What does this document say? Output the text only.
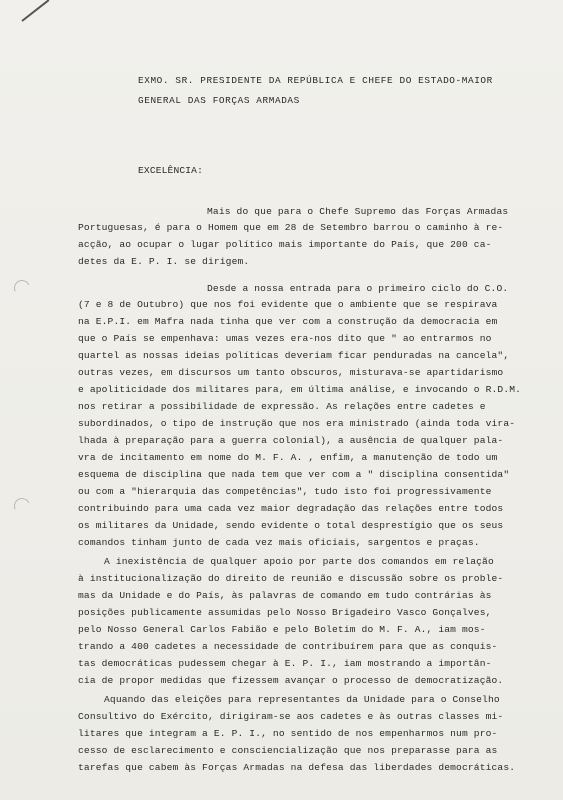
EXMO. SR. PRESIDENTE DA REPÚBLICA E CHEFE DO ESTADO-MAIOR
GENERAL DAS FORÇAS ARMADAS
EXCELÊNCIA:
Mais do que para o Chefe Supremo das Forças Armadas
Portuguesas, é para o Homem que em 28 de Setembro barrou o caminho à re-
acção, ao ocupar o lugar político mais importante do País, que 200 ca-
detes da E. P. I. se dirigem.
Desde a nossa entrada para o primeiro ciclo do C.O.
(7 e 8 de Outubro) que nos foi evidente que o ambiente que se respirava
na E.P.I. em Mafra nada tinha que ver com a construção da democracia em
que o País se empenhava: umas vezes era-nos dito que " ao entrarmos no
quartel as nossas ideias políticas deveriam ficar penduradas na cancela",
outras vezes, em discursos um tanto obscuros, misturava-se apartidarismo
e apoliticidade dos militares para, em última análise, e invocando o R.D.M.
nos retirar a possibilidade de expressão. As relações entre cadetes e
subordinados, o tipo de instrução que nos era ministrado (ainda toda vira-
lhada à preparação para a guerra colonial), a ausência de qualquer pala-
vra de incitamento em nome do M. F. A. , enfim, a manutenção de todo um
esquema de disciplina que nada tem que ver com a " disciplina consentida"
ou com a "hierarquia das competências", tudo isto foi progressivamente
contribuindo para uma cada vez maior degradação das relações entre todos
os militares da Unidade, sendo evidente o total desprestígio que os seus
comandos tinham junto de cada vez mais oficiais, sargentos e praças.
A inexistência de qualquer apoio por parte dos comandos em relação
à institucionalização do direito de reunião e discussão sobre os proble-
mas da Unidade e do País, às palavras de comando em tudo contrárias às
posições publicamente assumidas pelo Nosso Brigadeiro Vasco Gonçalves,
pelo Nosso General Carlos Fabião e pelo Boletim do M. F. A., iam mos-
trando a 400 cadetes a necessidade de contribuírem para que as conquis-
tas democráticas pudessem chegar à E. P. I., iam mostrando a importân-
cia de propor medidas que fizessem avançar o processo de democratização.
Aquando das eleições para representantes da Unidade para o Conselho
Consultivo do Exército, dirigiram-se aos cadetes e às outras classes mi-
litares que integram a E. P. I., no sentido de nos empenharmos num pro-
cesso de esclarecimento e consciencialização que nos preparasse para as
tarefas que cabem às Forças Armadas na defesa das liberdades democráticas.
